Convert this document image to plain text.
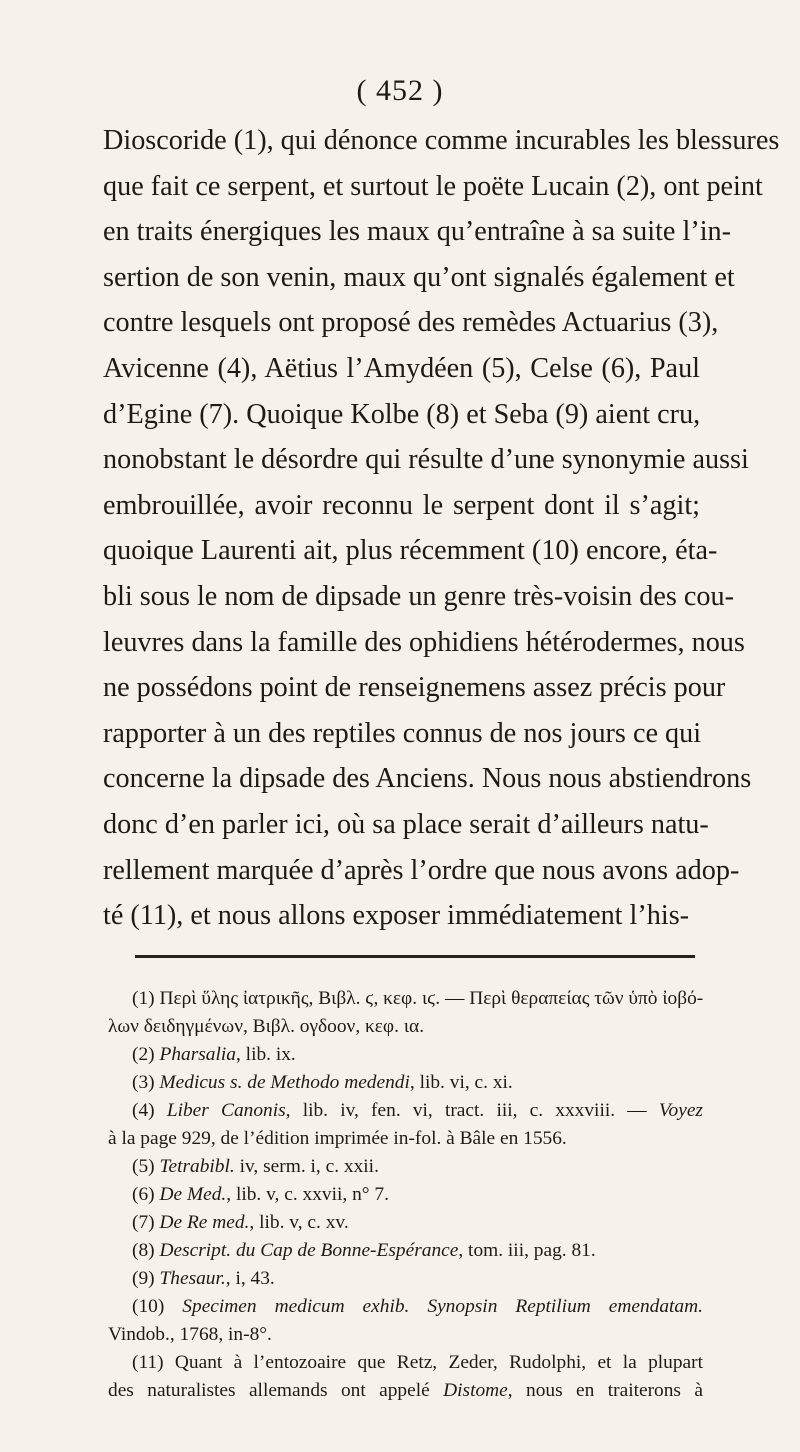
( 452 )
Dioscoride (1), qui dénonce comme incurables les blessures
que fait ce serpent, et surtout le poëte Lucain (2), ont peint
en traits énergiques les maux qu’entraîne à sa suite l’in-
sertion de son venin, maux qu’ont signalés également et
contre lesquels ont proposé des remèdes Actuarius (3),
Avicenne (4), Aëtius l’Amydéen (5), Celse (6), Paul
d’Egine (7). Quoique Kolbe (8) et Seba (9) aient cru,
nonobstant le désordre qui résulte d’une synonymie aussi
embrouillée, avoir reconnu le serpent dont il s’agit;
quoique Laurenti ait, plus récemment (10) encore, éta-
bli sous le nom de dipsade un genre très-voisin des cou-
leuvres dans la famille des ophidiens hétérodermes, nous
ne possédons point de renseignemens assez précis pour
rapporter à un des reptiles connus de nos jours ce qui
concerne la dipsade des Anciens. Nous nous abstiendrons
donc d’en parler ici, où sa place serait d’ailleurs natu-
rellement marquée d’après l’ordre que nous avons adop-
té (11), et nous allons exposer immédiatement l’his-
(1) Περὶ ὕλης ἰατρικῆς, Βιβλ. ϛ, κεφ. ιϛ. — Περὶ θεραπείας τῶν ὑπὸ ἰοβό-
λων δειδηγμένων, Βιβλ. ογδοον, κεφ. ια.
(2) Pharsalia, lib. ix.
(3) Medicus s. de Methodo medendi, lib. vi, c. xi.
(4) Liber Canonis, lib. iv, fen. vi, tract. iii, c. xxxviii. — Voyez
à la page 929, de l’édition imprimée in-fol. à Bâle en 1556.
(5) Tetrabibl. iv, serm. i, c. xxii.
(6) De Med., lib. v, c. xxvii, n° 7.
(7) De Re med., lib. v, c. xv.
(8) Descript. du Cap de Bonne-Espérance, tom. iii, pag. 81.
(9) Thesaur., i, 43.
(10) Specimen medicum exhib. Synopsin Reptilium emendatam.
Vindob., 1768, in-8°.
(11) Quant à l’entozoaire que Retz, Zeder, Rudolphi, et la plupart
des naturalistes allemands ont appelé Distome, nous en traiterons à
